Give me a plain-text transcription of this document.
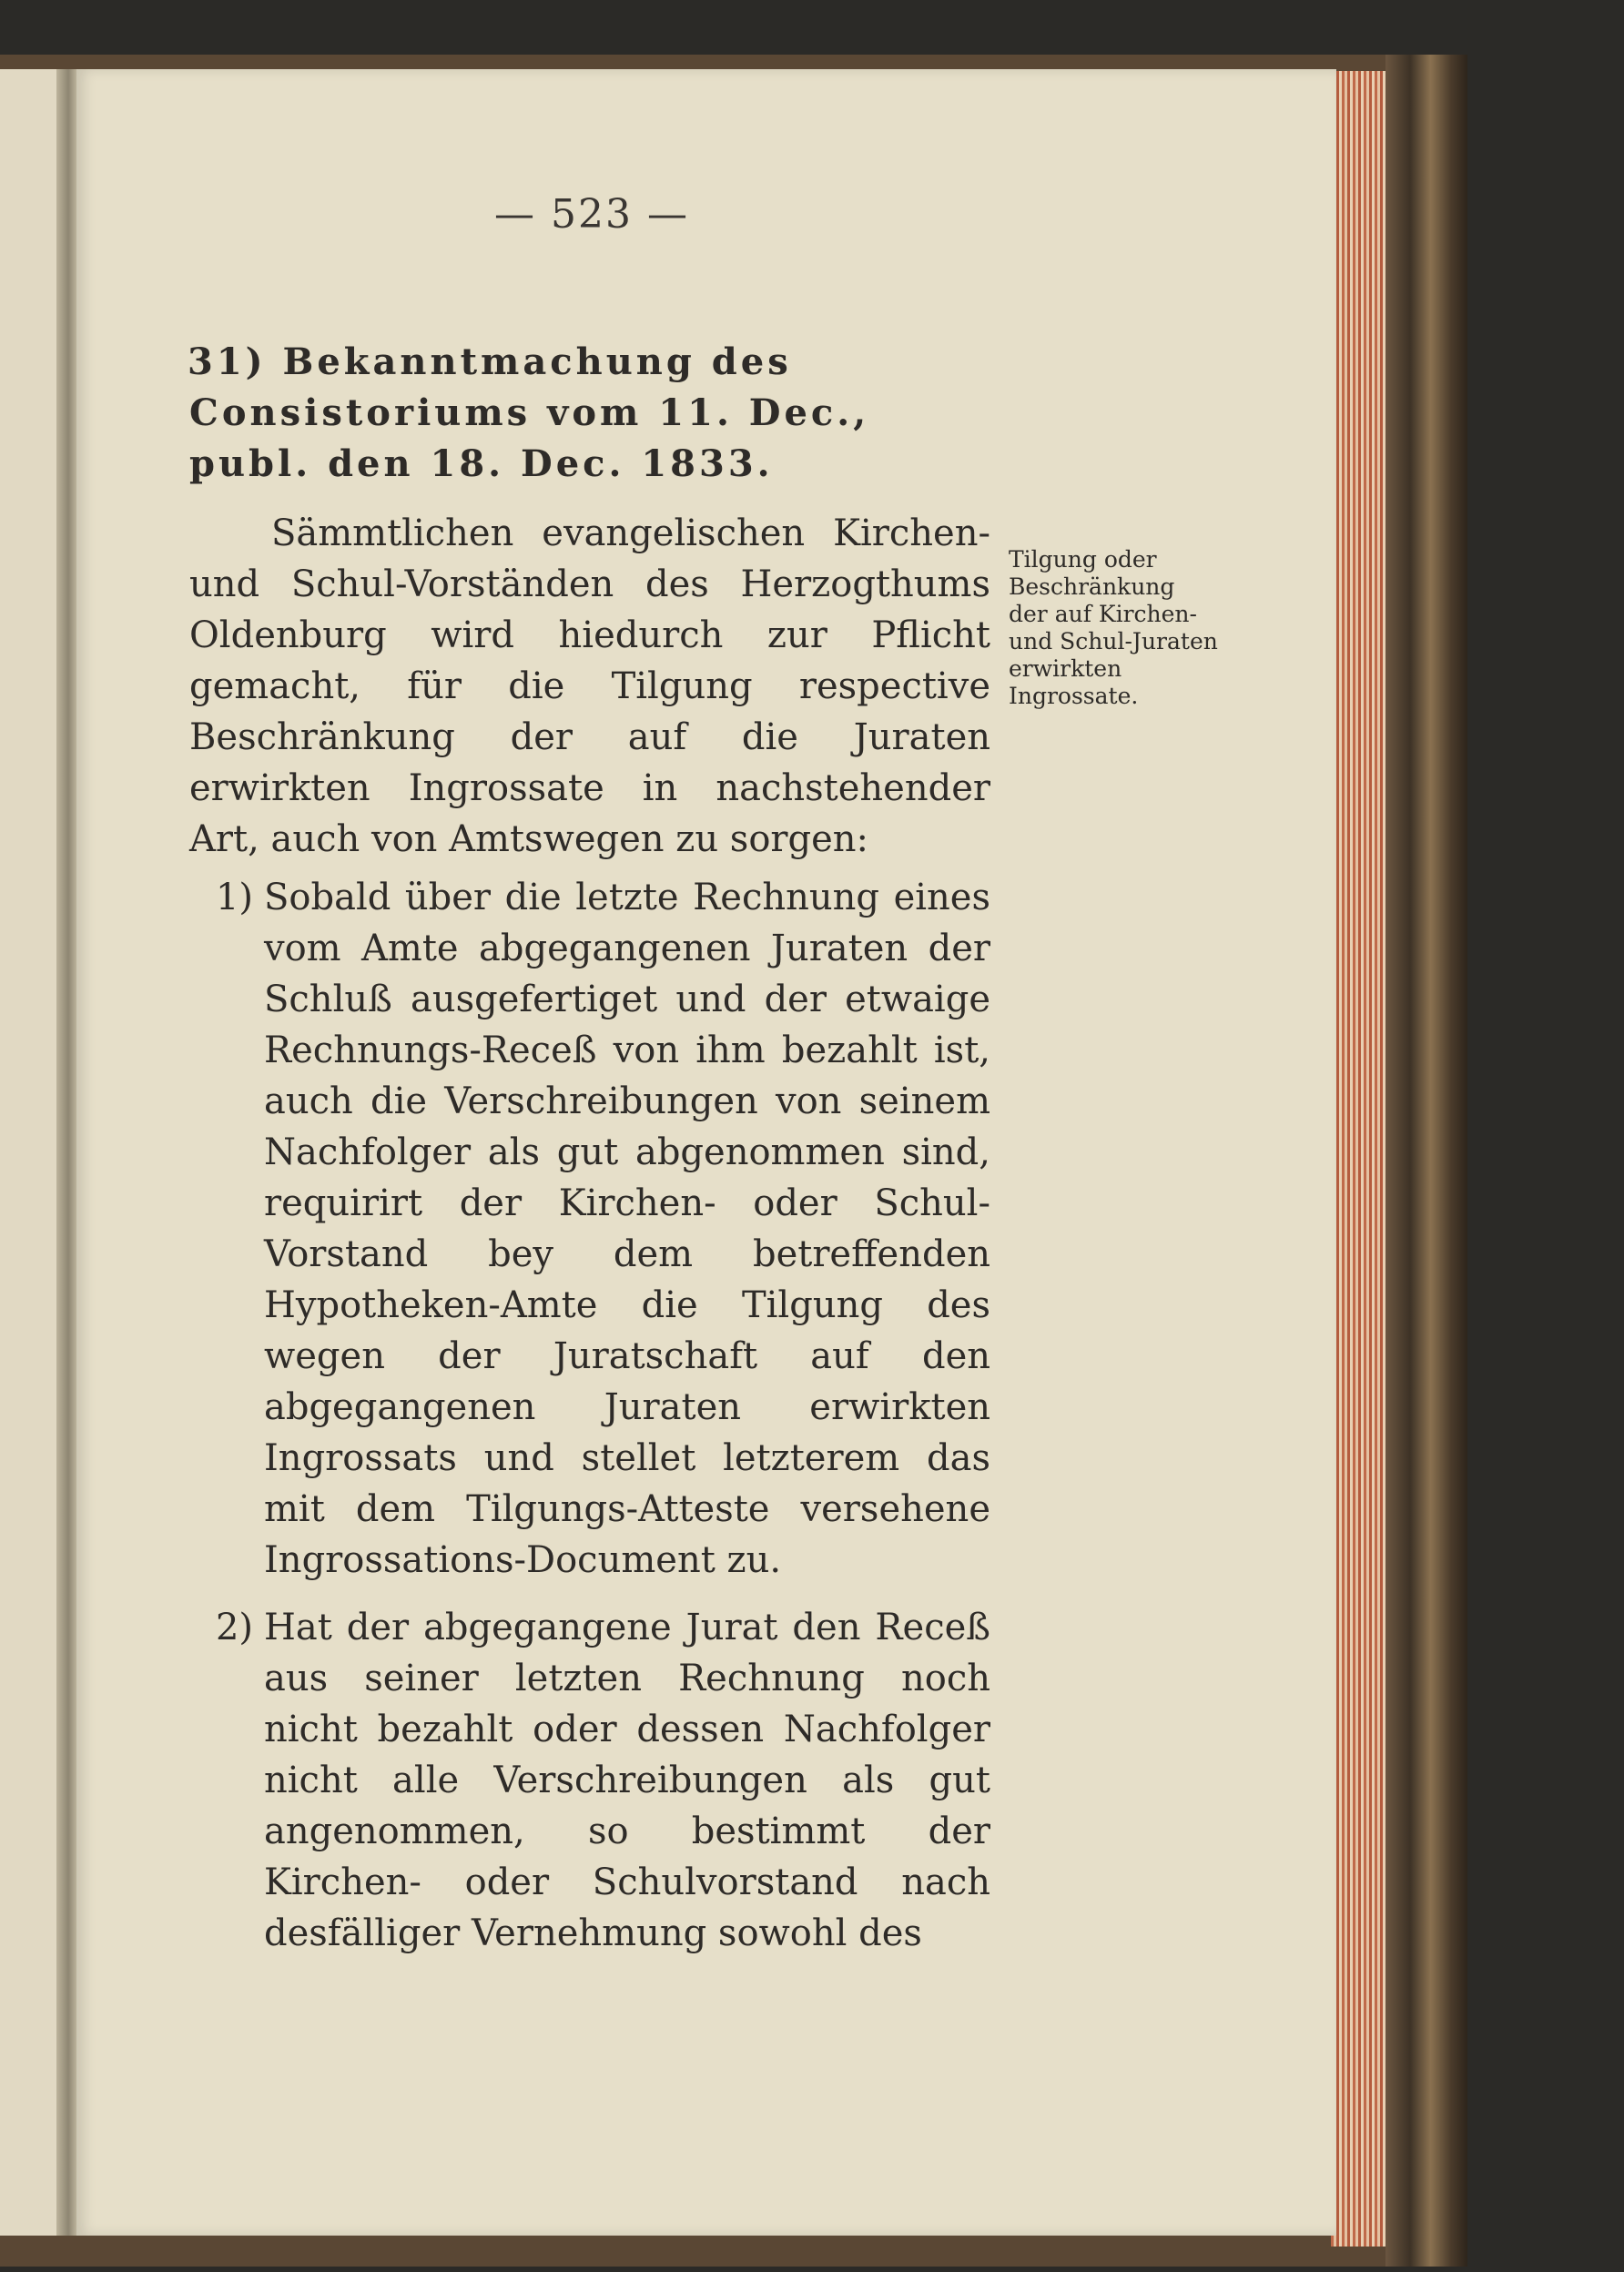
— 523 —

31) Bekanntmachung des Consistoriums vom 11. Dec., publ. den 18. Dec. 1833.

Sämmtlichen evangelischen Kirchen- und Schul-Vorständen des Herzogthums Oldenburg wird hiedurch zur Pflicht gemacht, für die Tilgung respective Beschränkung der auf die Juraten erwirkten Ingrossate in nachstehender Art, auch von Amtswegen zu sorgen:

1) Sobald über die letzte Rechnung eines vom Amte abgegangenen Juraten der Schluß ausgefertiget und der etwaige Rechnungs-Receß von ihm bezahlt ist, auch die Verschreibungen von seinem Nachfolger als gut abgenommen sind, requirirt der Kirchen- oder Schul-Vorstand bey dem betreffenden Hypotheken-Amte die Tilgung des wegen der Juratschaft auf den abgegangenen Juraten erwirkten Ingrossats und stellet letzterem das mit dem Tilgungs-Atteste versehene Ingrossations-Document zu.
2) Hat der abgegangene Jurat den Receß aus seiner letzten Rechnung noch nicht bezahlt oder dessen Nachfolger nicht alle Verschreibungen als gut angenommen, so bestimmt der Kirchen- oder Schulvorstand nach desfälliger Vernehmung sowohl des
Tilgung oder Beschränkung der auf Kirchen- und Schul-Juraten erwirkten Ingrossate.
